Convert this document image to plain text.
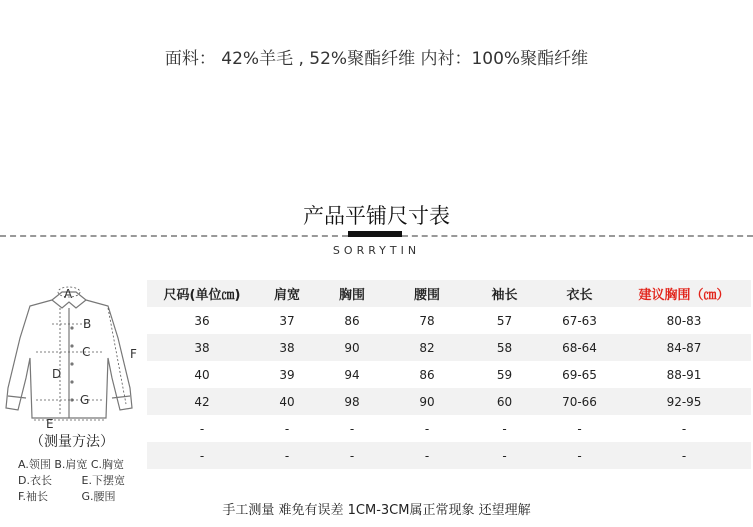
面料： 42%羊毛 , 52%聚酯纤维 内衬：100%聚酯纤维
产品平铺尺寸表
SORRYTIN
A
B
C
D
E
F
G
（测量方法）
A.领围 B.肩宽 C.胸宽
D.衣长	E.下摆宽
F.袖长	G.腰围
尺码(单位㎝)	肩宽	胸围	腰围	袖长	衣长	建议胸围（㎝）
36	37	86	78	57	67-63	80-83
38	38	90	82	58	68-64	84-87
40	39	94	86	59	69-65	88-91
42	40	98	90	60	70-66	92-95
-	-	-	-	-	-	-
-	-	-	-	-	-	-
手工测量 难免有误差 1CM-3CM属正常现象 还望理解
